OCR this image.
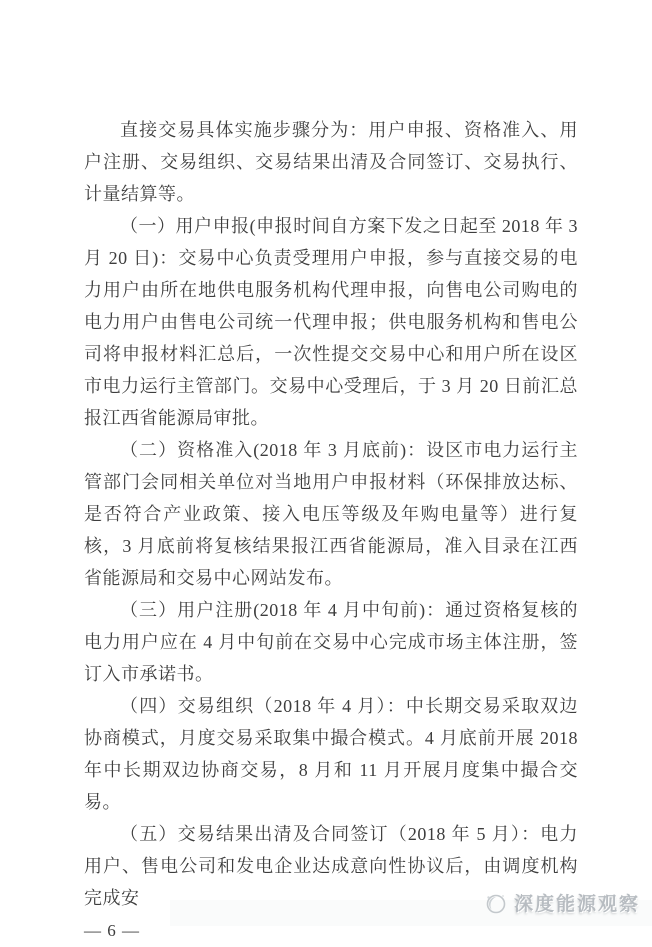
直接交易具体实施步骤分为：用户申报、资格准入、用户注册、交易组织、交易结果出清及合同签订、交易执行、计量结算等。

（一）用户申报(申报时间自方案下发之日起至 2018 年 3 月 20 日)：交易中心负责受理用户申报，参与直接交易的电力用户由所在地供电服务机构代理申报，向售电公司购电的电力用户由售电公司统一代理申报；供电服务机构和售电公司将申报材料汇总后，一次性提交交易中心和用户所在设区市电力运行主管部门。交易中心受理后，于 3 月 20 日前汇总报江西省能源局审批。

（二）资格准入(2018 年 3 月底前)：设区市电力运行主管部门会同相关单位对当地用户申报材料（环保排放达标、是否符合产业政策、接入电压等级及年购电量等）进行复核，3 月底前将复核结果报江西省能源局，准入目录在江西省能源局和交易中心网站发布。

（三）用户注册(2018 年 4 月中旬前)：通过资格复核的电力用户应在 4 月中旬前在交易中心完成市场主体注册，签订入市承诺书。

（四）交易组织（2018 年 4 月）：中长期交易采取双边协商模式，月度交易采取集中撮合模式。4 月底前开展 2018 年中长期双边协商交易，8 月和 11 月开展月度集中撮合交易。

（五）交易结果出清及合同签订（2018 年 5 月）：电力用户、售电公司和发电企业达成意向性协议后，由调度机构完成安

— 6 —
深度能源观察
